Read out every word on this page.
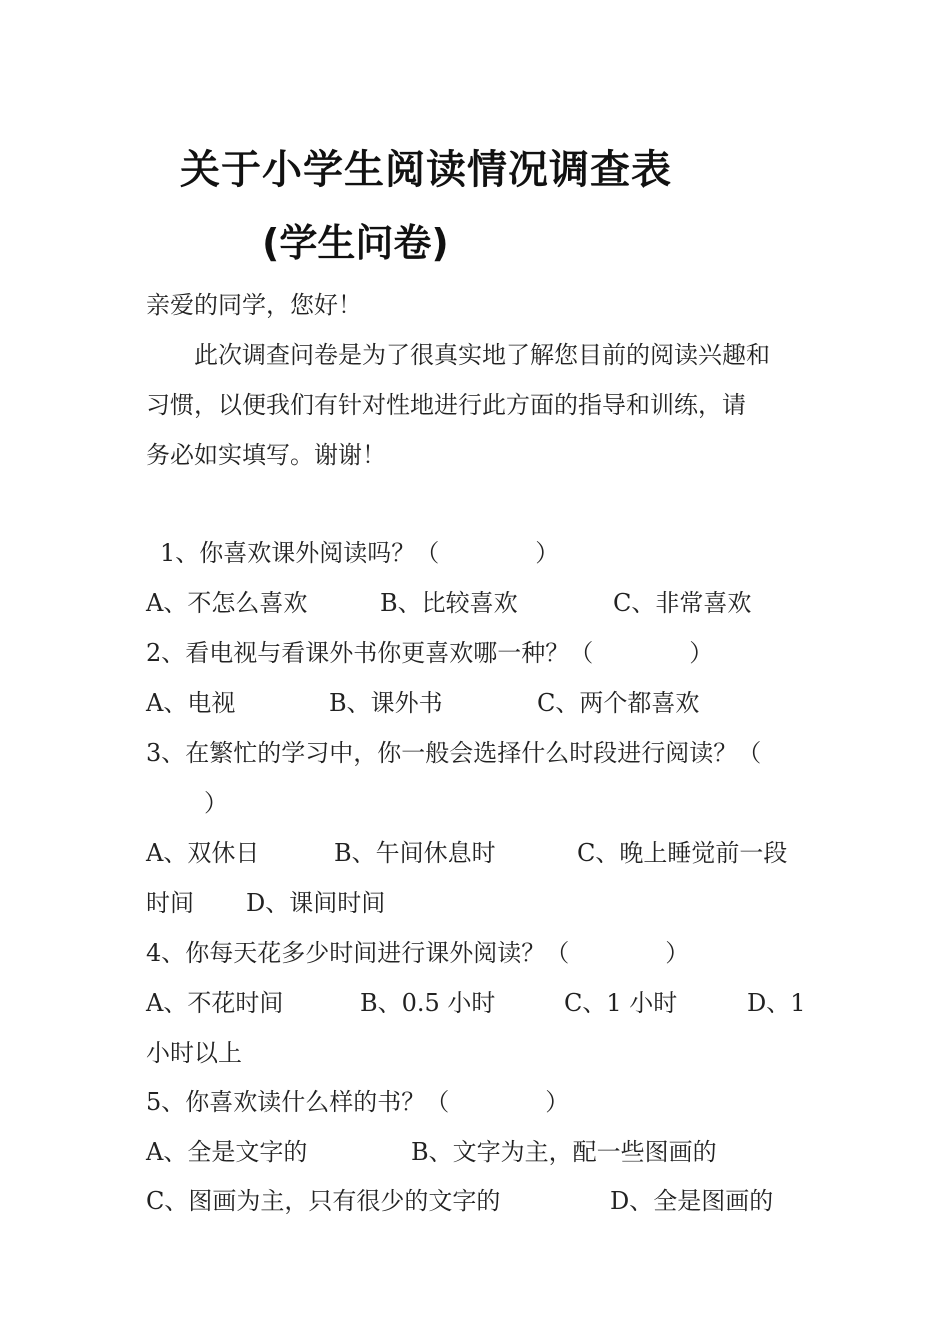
关于小学生阅读情况调查表
(学生问卷)
亲爱的同学，您好！
此次调查问卷是为了很真实地了解您目前的阅读兴趣和
习惯，以便我们有针对性地进行此方面的指导和训练，请
务必如实填写。谢谢！
1、你喜欢课外阅读吗？（　　　　）
A、不怎么喜欢	B、比较喜欢	C、非常喜欢
2、看电视与看课外书你更喜欢哪一种？（　　　　）
A、电视	B、课外书	C、两个都喜欢
3、在繁忙的学习中，你一般会选择什么时段进行阅读？（
）
A、双休日	B、午间休息时	C、晚上睡觉前一段
时间 D、课间时间
4、你每天花多少时间进行课外阅读？（　　　　）
A、不花时间	B、0.5 小时	C、1 小时	D、1
小时以上
5、你喜欢读什么样的书？（　　　　）
A、全是文字的	B、文字为主，配一些图画的
C、图画为主，只有很少的文字的	D、全是图画的
